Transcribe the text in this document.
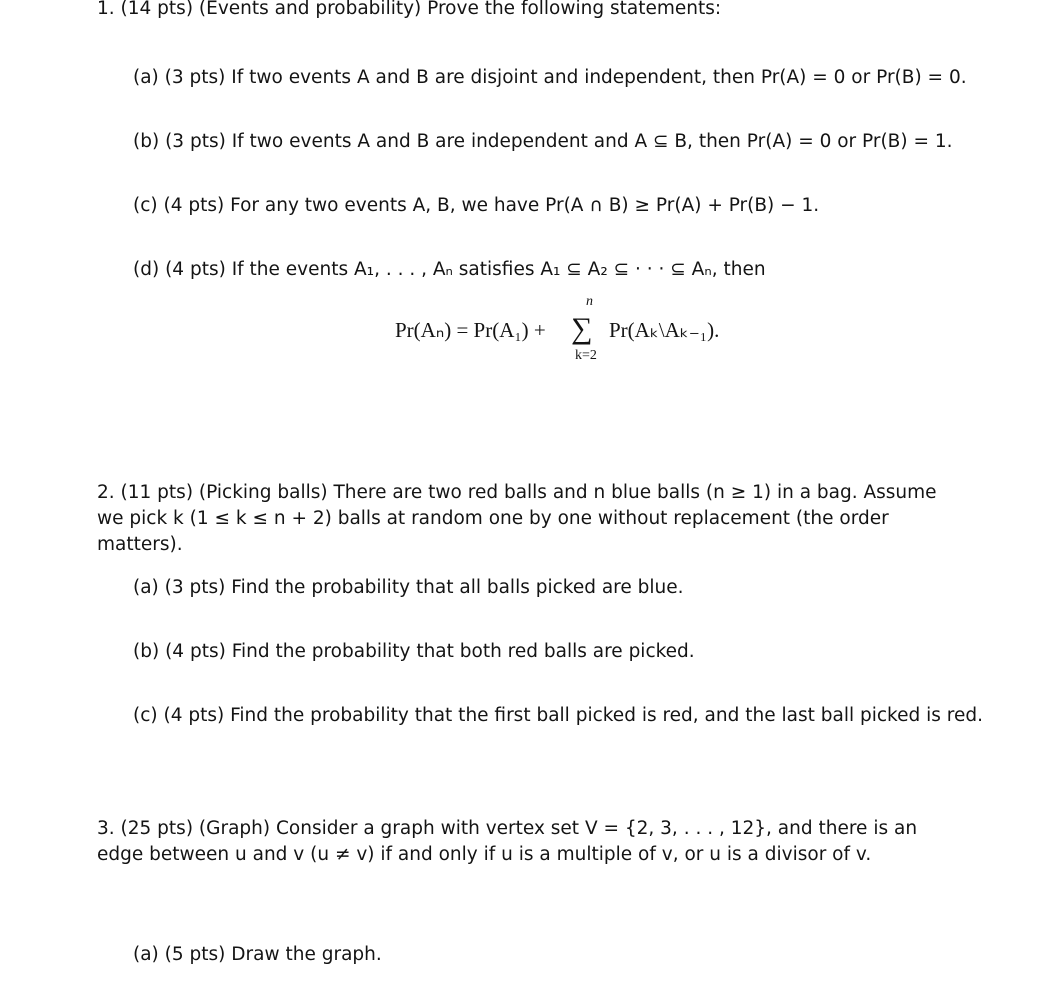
1. (14 pts) (Events and probability) Prove the following statements:
(a) (3 pts) If two events A and B are disjoint and independent, then Pr(A) = 0 or Pr(B) = 0.
(b) (3 pts) If two events A and B are independent and A ⊆ B, then Pr(A) = 0 or Pr(B) = 1.
(c) (4 pts) For any two events A, B, we have Pr(A ∩ B) ≥ Pr(A) + Pr(B) − 1.
(d) (4 pts) If the events A₁, . . . , Aₙ satisfies A₁ ⊆ A₂ ⊆ · · · ⊆ Aₙ, then
Pr(Aₙ) = Pr(A₁) +
n
∑
k=2
Pr(Aₖ\Aₖ₋₁).
2. (11 pts) (Picking balls) There are two red balls and n blue balls (n ≥ 1) in a bag. Assume we pick k (1 ≤ k ≤ n + 2) balls at random one by one without replacement (the order matters).
(a) (3 pts) Find the probability that all balls picked are blue.
(b) (4 pts) Find the probability that both red balls are picked.
(c) (4 pts) Find the probability that the first ball picked is red, and the last ball picked is red.
3. (25 pts) (Graph) Consider a graph with vertex set V = {2, 3, . . . , 12}, and there is an edge between u and v (u ≠ v) if and only if u is a multiple of v, or u is a divisor of v.
(a) (5 pts) Draw the graph.
